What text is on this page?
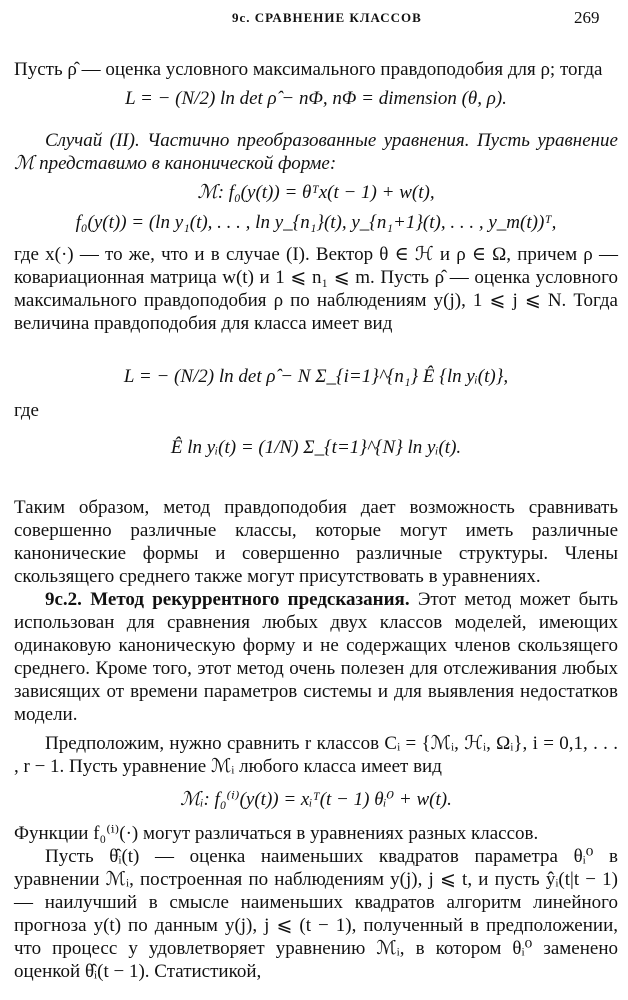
9с. СРАВНЕНИЕ КЛАССОВ	269

Пусть ρ̂ — оценка условного максимального правдоподобия для ρ; тогда

L = − (N/2) ln det ρ̂ − nΦ, nΦ = dimension (θ, ρ).

Случай (II). Частично преобразованные уравнения. Пусть уравнение ℳ представимо в канонической форме:

ℳ: f₀(y(t)) = θᵀx(t − 1) + w(t),
f₀(y(t)) = (ln y₁(t), . . . , ln y_{n₁}(t), y_{n₁+1}(t), . . . , y_m(t))ᵀ,

где x(·) — то же, что и в случае (I). Вектор θ ∈ ℋ и ρ ∈ Ω, причем ρ — ковариационная матрица w(t) и 1 ⩽ n₁ ⩽ m. Пусть ρ̂ — оценка условного максимального правдоподобия ρ по наблюдениям y(j), 1 ⩽ j ⩽ N. Тогда величина правдоподобия для класса имеет вид

L = − (N/2) ln det ρ̂ − N Σ_{i=1}^{n₁} Ê {ln yᵢ(t)},

где

Ê ln yᵢ(t) = (1/N) Σ_{t=1}^{N} ln yᵢ(t).

Таким образом, метод правдоподобия дает возможность сравнивать совершенно различные классы, которые могут иметь различные канонические формы и совершенно различные структуры. Члены скользящего среднего также могут присутствовать в уравнениях.

9с.2. Метод рекуррентного предсказания. Этот метод может быть использован для сравнения любых двух классов моделей, имеющих одинаковую каноническую форму и не содержащих членов скользящего среднего. Кроме того, этот метод очень полезен для отслеживания любых зависящих от времени параметров системы и для выявления недостатков модели.

Предположим, нужно сравнить r классов Cᵢ = {ℳᵢ, ℋᵢ, Ωᵢ}, i = 0,1, . . . , r − 1. Пусть уравнение ℳᵢ любого класса имеет вид

ℳᵢ: f₀⁽ⁱ⁾(y(t)) = xᵢᵀ(t − 1) θᵢ⁰ + w(t).

Функции f₀⁽ⁱ⁾(·) могут различаться в уравнениях разных классов.

Пусть θ̂ᵢ(t) — оценка наименьших квадратов параметра θᵢ⁰ в уравнении ℳᵢ, построенная по наблюдениям y(j), j ⩽ t, и пусть ŷᵢ(t|t − 1) — наилучший в смысле наименьших квадратов алгоритм линейного прогноза y(t) по данным y(j), j ⩽ (t − 1), полученный в предположении, что процесс y удовлетворяет уравнению ℳᵢ, в котором θᵢ⁰ заменено оценкой θ̂ᵢ(t − 1). Статистикой,
